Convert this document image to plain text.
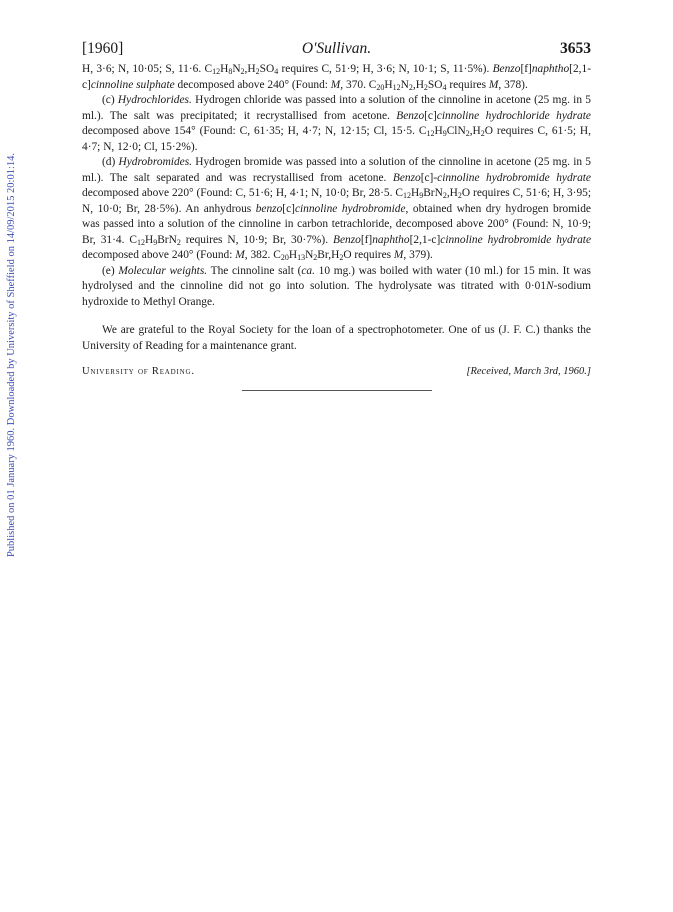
Published on 01 January 1960. Downloaded by University of Sheffield on 14/09/2015 20:01:14.
[1960]	O'Sullivan.	3653

H, 3·6; N, 10·05; S, 11·6. $C_{12}H_8N_2,H_2SO_4$ requires C, 51·9; H, 3·6; N, 10·1; S, 11·5%). Benzo[f]naphtho[2,1-c]cinnoline sulphate decomposed above 240° (Found: M, 370. $C_{20}H_{12}N_2,H_2SO_4$ requires M, 378).

(c) Hydrochlorides. Hydrogen chloride was passed into a solution of the cinnoline in acetone (25 mg. in 5 ml.). The salt was precipitated; it recrystallised from acetone. Benzo[c]cinnoline hydrochloride hydrate decomposed above 154° (Found: C, 61·35; H, 4·7; N, 12·15; Cl, 15·5. $C_{12}H_9ClN_2,H_2O$ requires C, 61·5; H, 4·7; N, 12·0; Cl, 15·2%).

(d) Hydrobromides. Hydrogen bromide was passed into a solution of the cinnoline in acetone (25 mg. in 5 ml.). The salt separated and was recrystallised from acetone. Benzo[c]-cinnoline hydrobromide hydrate decomposed above 220° (Found: C, 51·6; H, 4·1; N, 10·0; Br, 28·5. $C_{12}H_9BrN_2,H_2O$ requires C, 51·6; H, 3·95; N, 10·0; Br, 28·5%). An anhydrous benzo[c]cinnoline hydrobromide, obtained when dry hydrogen bromide was passed into a solution of the cinnoline in carbon tetrachloride, decomposed above 200° (Found: N, 10·9; Br, 31·4. $C_{12}H_9BrN_2$ requires N, 10·9; Br, 30·7%). Benzo[f]naphtho[2,1-c]cinnoline hydrobromide hydrate decomposed above 240° (Found: M, 382. $C_{20}H_{13}N_2Br,H_2O$ requires M, 379).

(e) Molecular weights. The cinnoline salt (ca. 10 mg.) was boiled with water (10 ml.) for 15 min. It was hydrolysed and the cinnoline did not go into solution. The hydrolysate was titrated with 0·01N-sodium hydroxide to Methyl Orange.

We are grateful to the Royal Society for the loan of a spectrophotometer. One of us (J. F. C.) thanks the University of Reading for a maintenance grant.

University of Reading.	[Received, March 3rd, 1960.]
